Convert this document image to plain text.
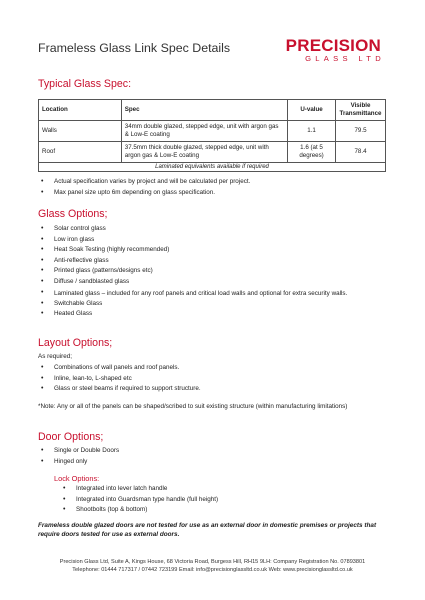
Frameless Glass Link Spec Details	PRECISION
GLASS LTD
Typical Glass Spec:
Location	Spec	U-value	Visible Transmittance
Walls	34mm double glazed, stepped edge, unit with argon gas & Low-E coating	1.1	79.5
Roof	37.5mm thick double glazed, stepped edge, unit with argon gas & Low-E coating	1.6 (at 5 degrees)	78.4
Laminated equivalents available if required			
• Actual specification varies by project and will be calculated per project.
• Max panel size upto 6m depending on glass specification.
Glass Options;
• Solar control glass
• Low iron glass
• Heat Soak Testing (highly recommended)
• Anti-reflective glass
• Printed glass (patterns/designs etc)
• Diffuse / sandblasted glass
• Laminated glass – included for any roof panels and critical load walls and optional for extra security walls.
• Switchable Glass
• Heated Glass
Layout Options;
As required;
• Combinations of wall panels and roof panels.
• Inline, lean-to, L-shaped etc
• Glass or steel beams if required to support structure.
*Note: Any or all of the panels can be shaped/scribed to suit existing structure (within manufacturing limitations)
Door Options;
• Single or Double Doors
• Hinged only
Lock Options:
• Integrated into lever latch handle
• Integrated into Guardsman type handle (full height)
• Shootbolts (top & bottom)
Frameless double glazed doors are not tested for use as an external door in domestic premises or projects that require doors tested for use as external doors.
Precision Glass Ltd, Suite A, Kings House, 68 Victoria Road, Burgess Hill, RH15 9LH: Company Registration No. 07893801
Telephone: 01444 717317 / 07442 723199 Email: info@precisionglassltd.co.uk Web: www.precisionglassltd.co.uk
